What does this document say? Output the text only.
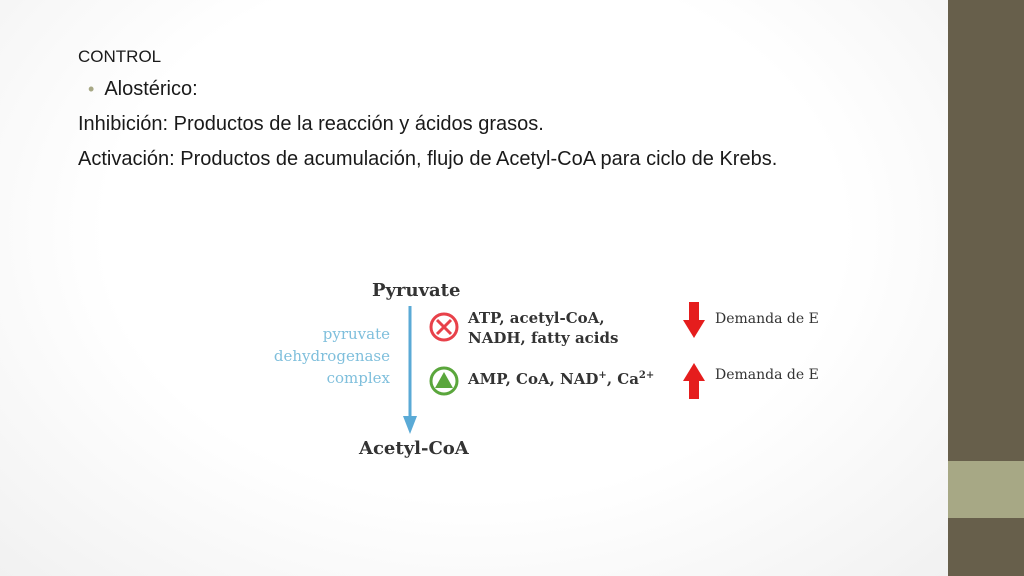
CONTROL
• Alostérico:
Inhibición: Productos de la reacción y ácidos grasos.
Activación: Productos de acumulación, flujo de Acetyl-CoA para ciclo de Krebs.
Pyruvate
pyruvate
dehydrogenase
complex
ATP, acetyl-CoA,
NADH, fatty acids
AMP, CoA, NAD+, $Ca^{2+}$
Demanda de E
Demanda de E
Acetyl-CoA
